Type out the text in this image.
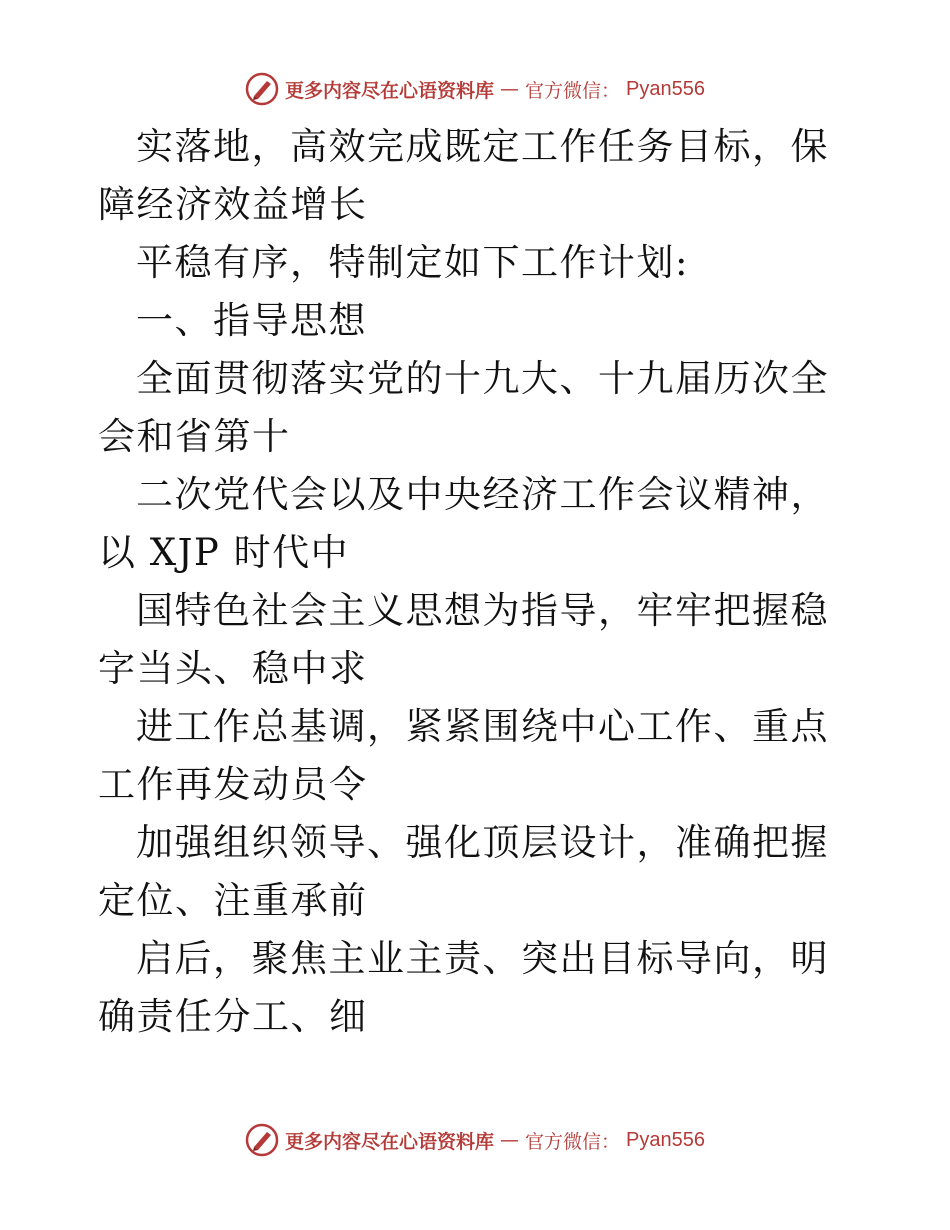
更多内容尽在心语资料库 — 官方微信： Pyan556

实落地，高效完成既定工作任务目标，保障经济效益增长

平稳有序，特制定如下工作计划:

一、指导思想

全面贯彻落实党的十九大、十九届历次全会和省第十

二次党代会以及中央经济工作会议精神，以 XJP 时代中

国特色社会主义思想为指导，牢牢把握稳字当头、稳中求

进工作总基调，紧紧围绕中心工作、重点工作再发动员令

加强组织领导、强化顶层设计，准确把握定位、注重承前

启后，聚焦主业主责、突出目标导向，明确责任分工、细

更多内容尽在心语资料库 — 官方微信： Pyan556
